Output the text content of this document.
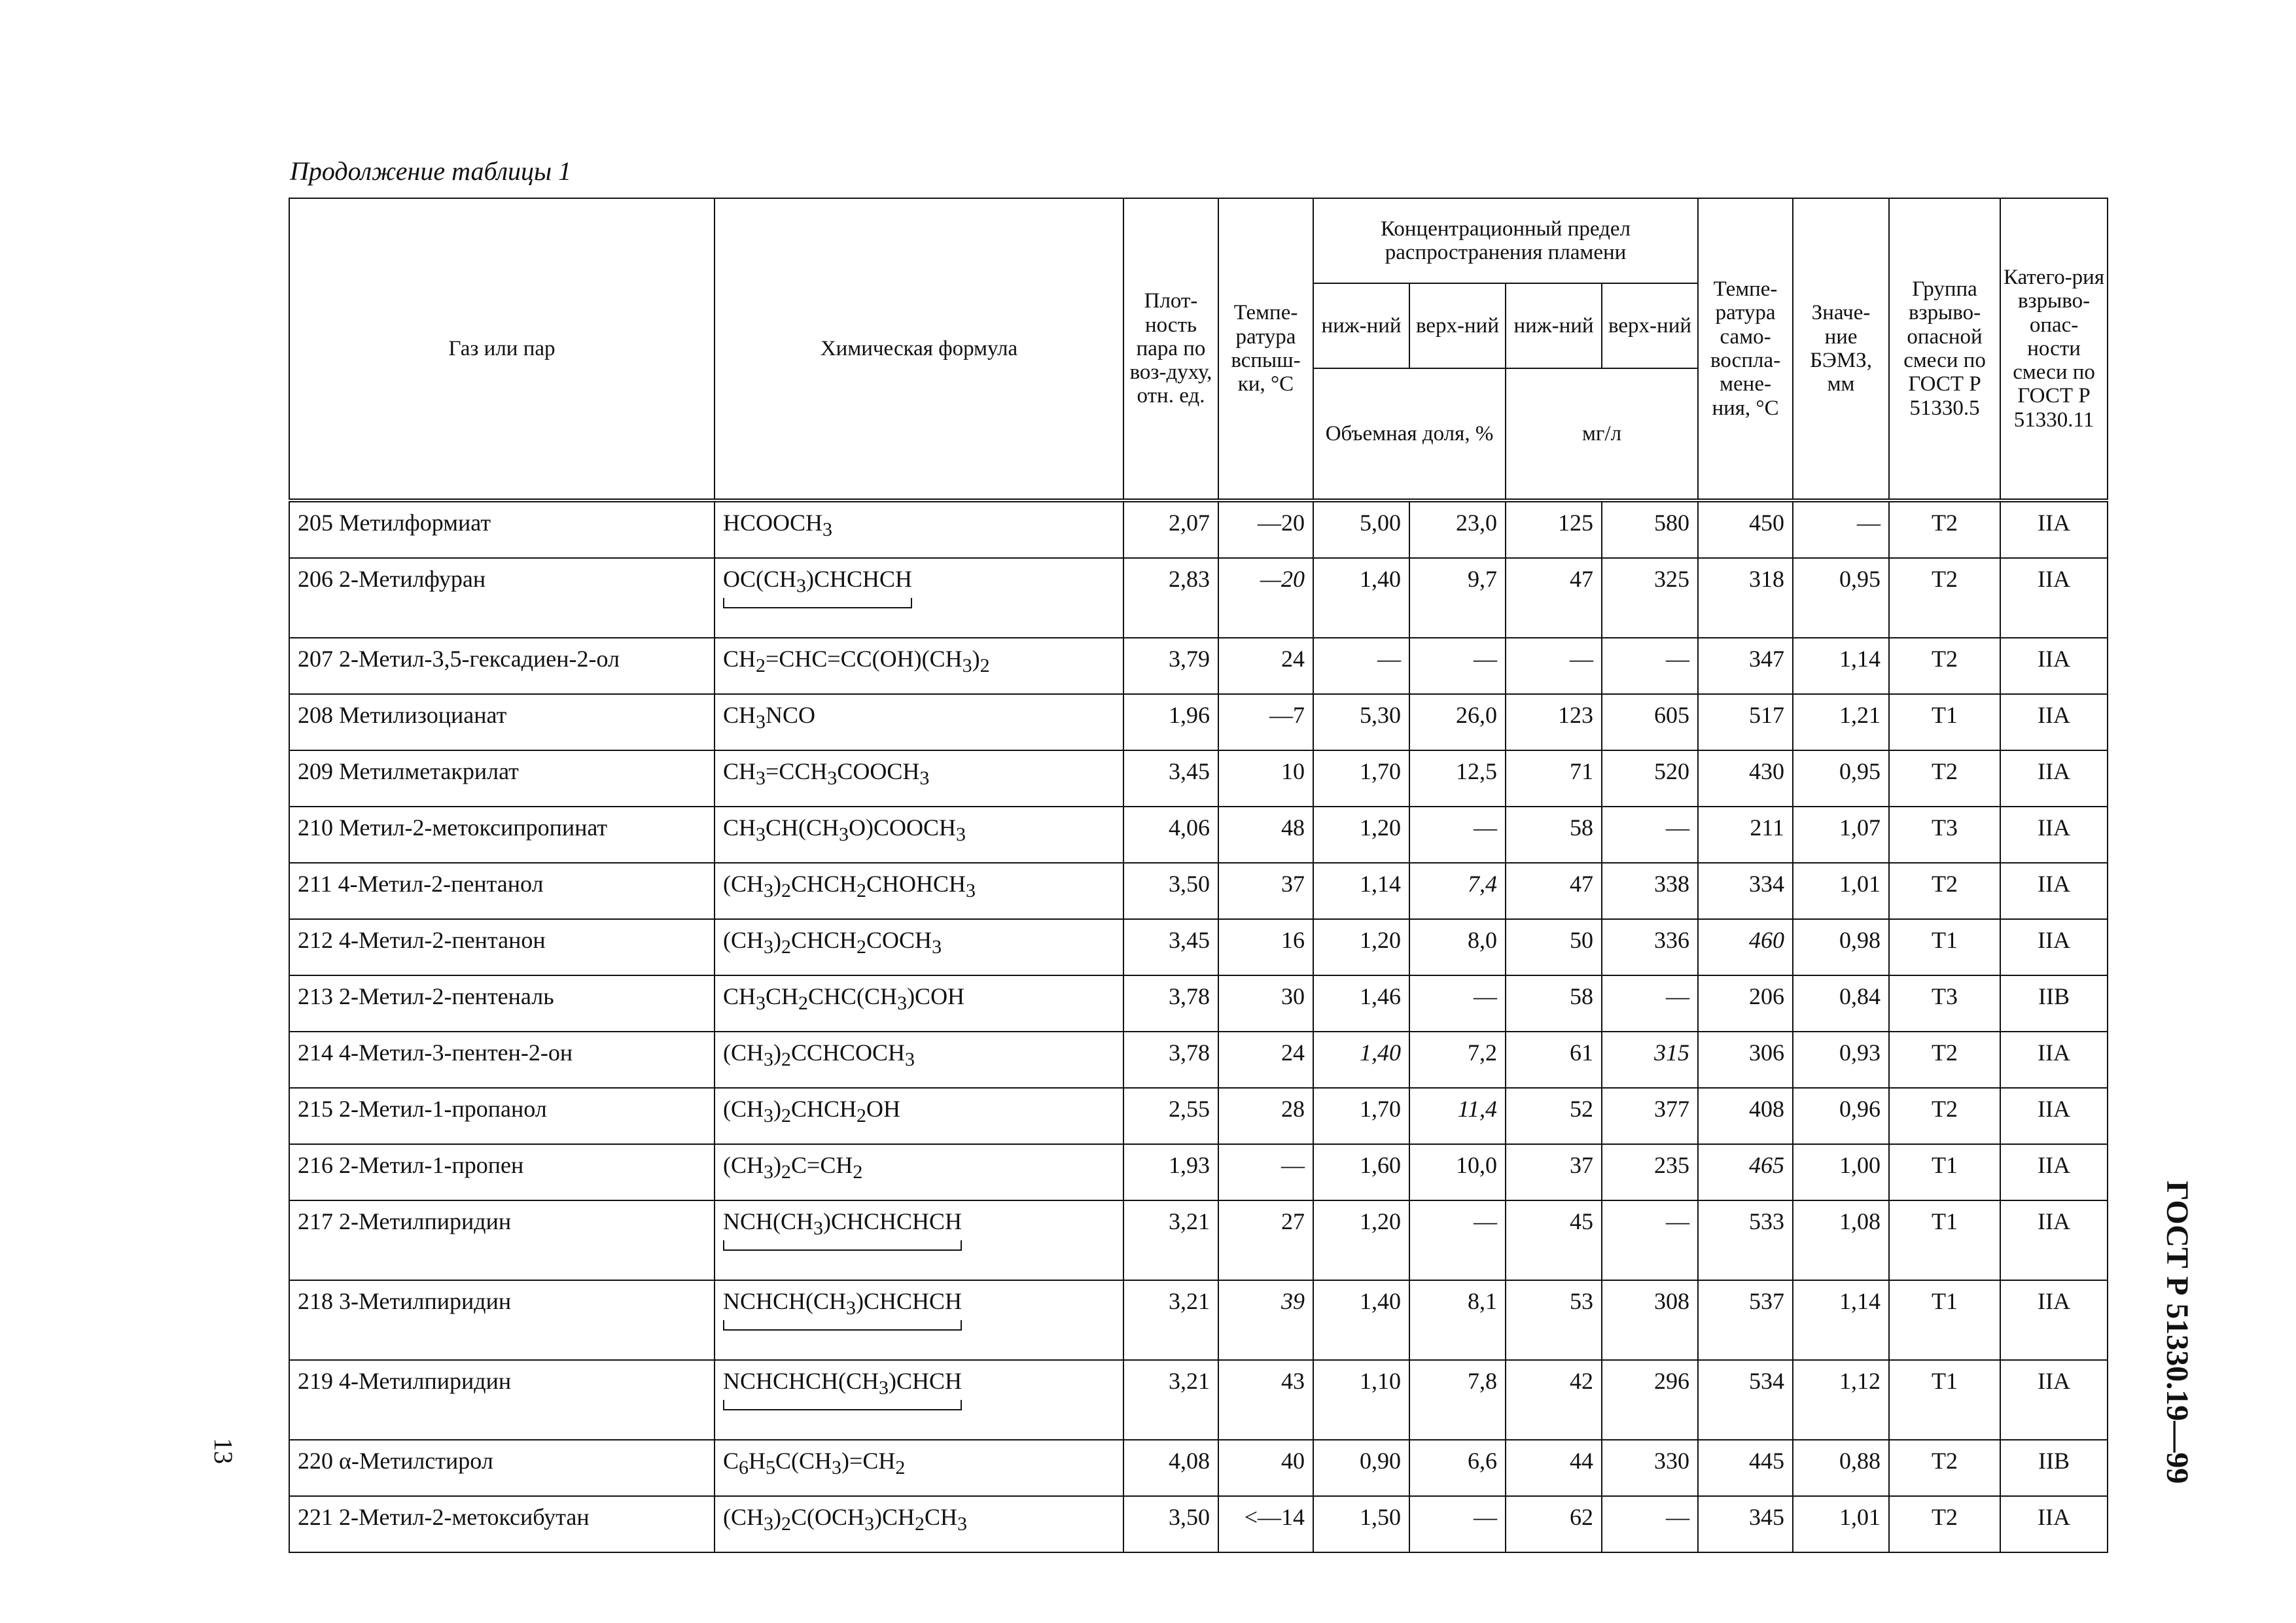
Продолжение таблицы 1
Газ или пар	Химическая формула	Плот-ность пара по воз-духу, отн. ед.	Темпе-ратура вспыш-ки, °С	Концентрационный предел распространения пламени				Темпе-ратура само-воспла-мене-ния, °С	Значе-ние БЭМЗ, мм	Группа взрыво-опасной смеси по ГОСТ Р 51330.5	Катего-рия взрыво-опас-ности смеси по ГОСТ Р 51330.11
				ниж-ний	верх-ний	ниж-ний	верх-ний				
				Объемная доля, %		мг/л					
205 Метилформиат	$HCOOCH_3$	2,07	—20	5,00	23,0	125	580	450	—	T2	IIA
206 2-Метилфуран	$OC(CH_3)CHCHCH$	2,83	—20	1,40	9,7	47	325	318	0,95	T2	IIA
207 2-Метил-3,5-гексадиен-2-ол	$CH_2=CHC=CC(OH)(CH_3)_2$	3,79	24	—	—	—	—	347	1,14	T2	IIA
208 Метилизоцианат	$CH_3NCO$	1,96	—7	5,30	26,0	123	605	517	1,21	T1	IIA
209 Метилметакрилат	$CH_3=CCH_3COOCH_3$	3,45	10	1,70	12,5	71	520	430	0,95	T2	IIA
210 Метил-2-метоксипропинат	$CH_3CH(CH_3O)COOCH_3$	4,06	48	1,20	—	58	—	211	1,07	T3	IIA
211 4-Метил-2-пентанол	$(CH_3)_2CHCH_2CHOHCH_3$	3,50	37	1,14	7,4	47	338	334	1,01	T2	IIA
212 4-Метил-2-пентанон	$(CH_3)_2CHCH_2COCH_3$	3,45	16	1,20	8,0	50	336	460	0,98	T1	IIA
213 2-Метил-2-пентеналь	$CH_3CH_2CHC(CH_3)COH$	3,78	30	1,46	—	58	—	206	0,84	T3	IIB
214 4-Метил-3-пентен-2-он	$(CH_3)_2CCHCOCH_3$	3,78	24	1,40	7,2	61	315	306	0,93	T2	IIA
215 2-Метил-1-пропанол	$(CH_3)_2CHCH_2OH$	2,55	28	1,70	11,4	52	377	408	0,96	T2	IIA
216 2-Метил-1-пропен	$(CH_3)_2C=CH_2$	1,93	—	1,60	10,0	37	235	465	1,00	T1	IIA
217 2-Метилпиридин	$NCH(CH_3)CHCHCHCH$	3,21	27	1,20	—	45	—	533	1,08	T1	IIA
218 3-Метилпиридин	$NCHCH(CH_3)CHCHCH$	3,21	39	1,40	8,1	53	308	537	1,14	T1	IIA
219 4-Метилпиридин	$NCHCHCH(CH_3)CHCH$	3,21	43	1,10	7,8	42	296	534	1,12	T1	IIA
220 α-Метилстирол	$C_6H_5C(CH_3)=CH_2$	4,08	40	0,90	6,6	44	330	445	0,88	T2	IIB
221 2-Метил-2-метоксибутан	$(CH_3)_2C(OCH_3)CH_2CH_3$	3,50	<—14	1,50	—	62	—	345	1,01	T2	IIA
13	ГОСТ Р 51330.19—99
